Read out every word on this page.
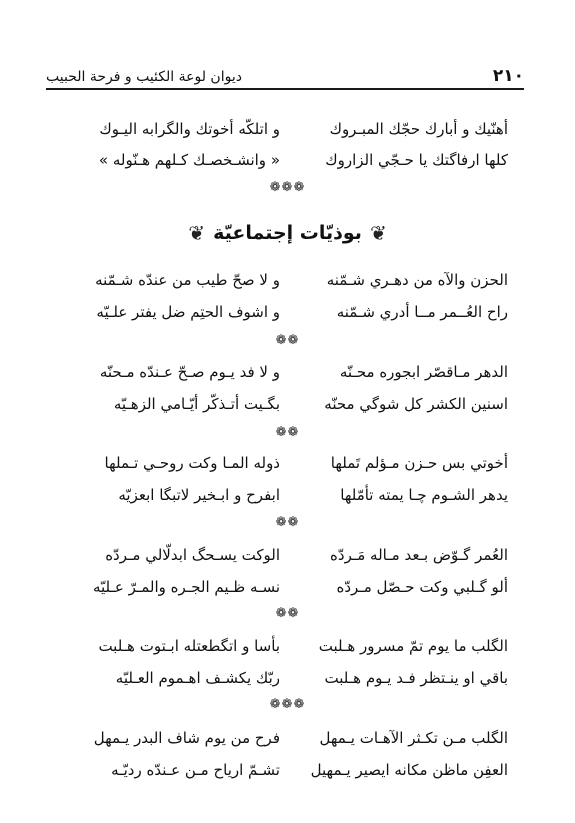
٢١٠
ديوان لوعة الكئيب و فرحة الحبيب
أهنّيك و أبارك حجّك المبـروك
و اتلكّه أخوتك والگرابه اليـوك
كلها ارفاگتك يا حـجّي الزاروك
« وانشـخصـك كـلهم هـنّوله »
❁❁❁
❦
بوذيّات إجتماعيّة
❦
الحزن والآه من دهـري شـمّنه
و لا صحّ طيب من عندّه شـمّنه
راح العُــمر مــا أدري شـمّنه
و اشوف الحتِم ضل يفتر علـيّه
❁❁
الدهر مـاقصّر ابجوره محـنّه
و لا فد يـوم صـحّ عـندّه مـحنّه
اسنين الكشر كل شوگي محنّه
بگـيت أتـذكّر أيّـامي الزهـيّه
❁❁
أخوتي بس حـزن مـؤلم تَملها
ذوله المـا وكت روحـي تـملها
يدهر الشـوم چـا يمته تأمّلها
ابفرح و ابـخير لاتبگا ابعزيّه
❁❁
العُمر گـوّض بـعد مـاله مَـردّه
الوكت يسـحگ ابدلّالي مـردّه
ألو گـلبي وكت حـصّل مـردّه
نسـه ظـيم الجـره والمـرّ عـليّه
❁❁
الگلب ما يوم تمّ مسرور هـلبت
بأسا و اتگطعتله ابـتوت هـلبت
باقي او ينـتظر فـد يـوم هـلبت
ربّك يكشـف اهـموم العـليّه
❁❁❁
الگلب مـن تكـثر الآهـات يـمهل
فرح من يوم شاف البدر يـمهل
العفِن ماظن مكانه ايصير يـمهيل
تشـمّ ارياح مـن عـندّه رديّـه
